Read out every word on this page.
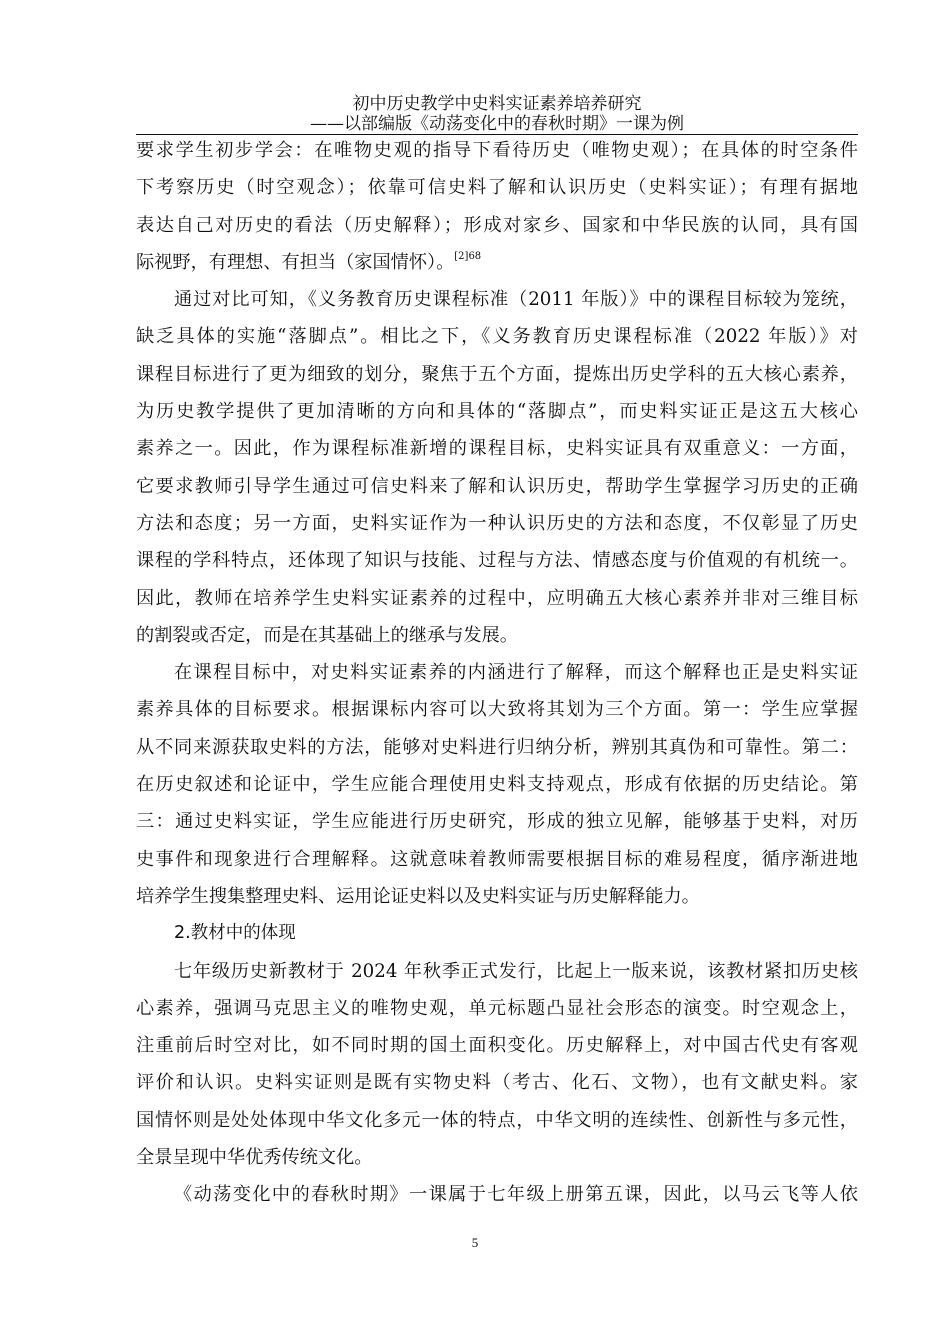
初中历史教学中史料实证素养培养研究
——以部编版《动荡变化中的春秋时期》一课为例
要求学生初步学会：在唯物史观的指导下看待历史（唯物史观）；在具体的时空条件
下考察历史（时空观念）；依靠可信史料了解和认识历史（史料实证）；有理有据地
表达自己对历史的看法（历史解释）；形成对家乡、国家和中华民族的认同，具有国
际视野，有理想、有担当（家国情怀）。$^{[2]68}$
通过对比可知，《义务教育历史课程标准（2011 年版）》中的课程目标较为笼统，
缺乏具体的实施“落脚点”。相比之下，《义务教育历史课程标准（2022 年版）》对
课程目标进行了更为细致的划分，聚焦于五个方面，提炼出历史学科的五大核心素养，
为历史教学提供了更加清晰的方向和具体的“落脚点”，而史料实证正是这五大核心
素养之一。因此，作为课程标准新增的课程目标，史料实证具有双重意义：一方面，
它要求教师引导学生通过可信史料来了解和认识历史，帮助学生掌握学习历史的正确
方法和态度；另一方面，史料实证作为一种认识历史的方法和态度，不仅彰显了历史
课程的学科特点，还体现了知识与技能、过程与方法、情感态度与价值观的有机统一。
因此，教师在培养学生史料实证素养的过程中，应明确五大核心素养并非对三维目标
的割裂或否定，而是在其基础上的继承与发展。
在课程目标中，对史料实证素养的内涵进行了解释，而这个解释也正是史料实证
素养具体的目标要求。根据课标内容可以大致将其划为三个方面。第一：学生应掌握
从不同来源获取史料的方法，能够对史料进行归纳分析，辨别其真伪和可靠性。第二：
在历史叙述和论证中，学生应能合理使用史料支持观点，形成有依据的历史结论。第
三：通过史料实证，学生应能进行历史研究，形成的独立见解，能够基于史料，对历
史事件和现象进行合理解释。这就意味着教师需要根据目标的难易程度，循序渐进地
培养学生搜集整理史料、运用论证史料以及史料实证与历史解释能力。
2.教材中的体现
七年级历史新教材于 2024 年秋季正式发行，比起上一版来说，该教材紧扣历史核
心素养，强调马克思主义的唯物史观，单元标题凸显社会形态的演变。时空观念上，
注重前后时空对比，如不同时期的国土面积变化。历史解释上，对中国古代史有客观
评价和认识。史料实证则是既有实物史料（考古、化石、文物），也有文献史料。家
国情怀则是处处体现中华文化多元一体的特点，中华文明的连续性、创新性与多元性，
全景呈现中华优秀传统文化。
《动荡变化中的春秋时期》一课属于七年级上册第五课，因此，以马云飞等人依
5
